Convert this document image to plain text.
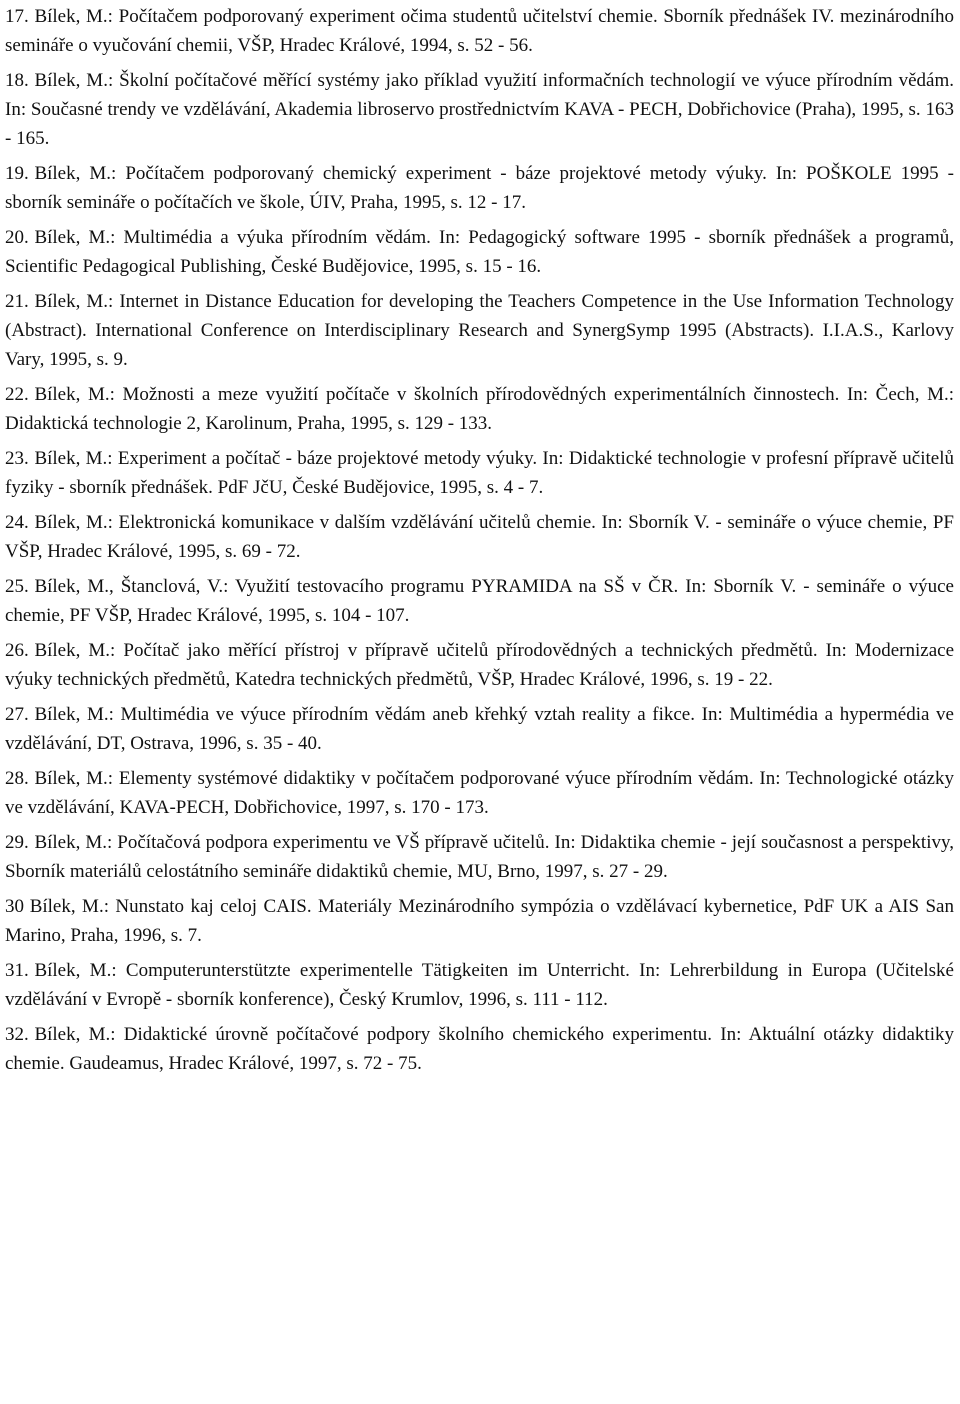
17. Bílek, M.: Počítačem podporovaný experiment očima studentů učitelství chemie. Sborník přednášek IV. mezinárodního semináře o vyučování chemii, VŠP, Hradec Králové, 1994, s. 52 - 56.
18. Bílek, M.: Školní počítačové měřící systémy jako příklad využití informačních technologií ve výuce přírodním vědám. In: Současné trendy ve vzdělávání, Akademia libroservo prostřednictvím KAVA - PECH, Dobřichovice (Praha), 1995, s. 163 - 165.
19. Bílek, M.: Počítačem podporovaný chemický experiment - báze projektové metody výuky. In: POŠKOLE 1995 - sborník semináře o počítačích ve škole, ÚIV, Praha, 1995, s. 12 - 17.
20. Bílek, M.: Multimédia a výuka přírodním vědám. In: Pedagogický software 1995 - sborník přednášek a programů, Scientific Pedagogical Publishing, České Budějovice, 1995, s. 15 - 16.
21. Bílek, M.: Internet in Distance Education for developing the Teachers Competence in the Use Information Technology (Abstract). International Conference on Interdisciplinary Research and SynergSymp 1995 (Abstracts). I.I.A.S., Karlovy Vary, 1995, s. 9.
22. Bílek, M.: Možnosti a meze využití počítače v školních přírodovědných experimentálních činnostech. In: Čech, M.: Didaktická technologie 2, Karolinum, Praha, 1995, s. 129 - 133.
23. Bílek, M.: Experiment a počítač - báze projektové metody výuky. In: Didaktické technologie v profesní přípravě učitelů fyziky - sborník přednášek. PdF JčU, České Budějovice, 1995, s. 4 - 7.
24. Bílek, M.: Elektronická komunikace v dalším vzdělávání učitelů chemie. In: Sborník V. - semináře o výuce chemie, PF VŠP, Hradec Králové, 1995, s. 69 - 72.
25. Bílek, M., Štanclová, V.: Využití testovacího programu PYRAMIDA na SŠ v ČR. In: Sborník V. - semináře o výuce chemie, PF VŠP, Hradec Králové, 1995, s. 104 - 107.
26. Bílek, M.: Počítač jako měřící přístroj v přípravě učitelů přírodovědných a technických předmětů. In: Modernizace výuky technických předmětů, Katedra technických předmětů, VŠP, Hradec Králové, 1996, s. 19 - 22.
27. Bílek, M.: Multimédia ve výuce přírodním vědám aneb křehký vztah reality a fikce. In: Multimédia a hypermédia ve vzdělávání, DT, Ostrava, 1996, s. 35 - 40.
28. Bílek, M.: Elementy systémové didaktiky v počítačem podporované výuce přírodním vědám. In: Technologické otázky ve vzdělávání, KAVA-PECH, Dobřichovice, 1997, s. 170 - 173.
29. Bílek, M.: Počítačová podpora experimentu ve VŠ přípravě učitelů. In: Didaktika chemie - její současnost a perspektivy, Sborník materiálů celostátního semináře didaktiků chemie, MU, Brno, 1997, s. 27 - 29.
30 Bílek, M.: Nunstato kaj celoj CAIS. Materiály Mezinárodního sympózia o vzdělávací kybernetice, PdF UK a AIS San Marino, Praha, 1996, s. 7.
31. Bílek, M.: Computerunterstützte experimentelle Tätigkeiten im Unterricht. In: Lehrerbildung in Europa (Učitelské vzdělávání v Evropě - sborník konference), Český Krumlov, 1996, s. 111 - 112.
32. Bílek, M.: Didaktické úrovně počítačové podpory školního chemického experimentu. In: Aktuální otázky didaktiky chemie. Gaudeamus, Hradec Králové, 1997, s. 72 - 75.
